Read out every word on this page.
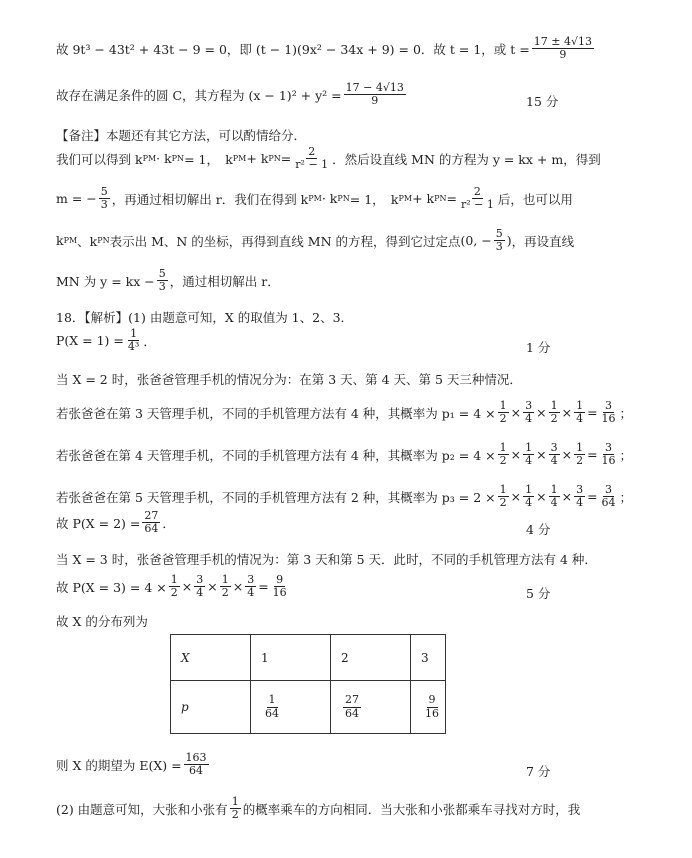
故 9t³ − 43t² + 43t − 9 = 0，即 (t − 1)(9x² − 34x + 9) = 0．故 t = 1，或 $t = \frac{17 \pm 4√13}{9}$
故存在满足条件的圆 C，其方程为 $(x - 1)^2 + y^2 = \frac{17 - 4√13}{9}$	15 分
【备注】本题还有其它方法，可以酌情给分．
我们可以得到 k PM · k PN = 1，　k PM + k PN = $\frac{2}{\text{r² − 1}}$ ．然后设直线 MN 的方程为 y = kx + m，得到
m = − $\frac{5}{3}$ ，再通过相切解出 r．我们在得到 k PM · k PN = 1，　k PM + k PN = $\frac{2}{\text{r² − 1}}$ 后，也可以用
k PM 、k PN 表示出 M、N 的坐标，再得到直线 MN 的方程，得到它过定点 (0, − $\frac{5}{3}$ ) ，再设直线
MN 为 y = kx − $\frac{5}{3}$ ，通过相切解出 r．
18．【解析】(1) 由题意可知，X 的取值为 1、2、3．
$P(X = 1) = \frac{1}{\text{4³}}$ ．	1 分
当 X = 2 时，张爸爸管理手机的情况分为：在第 3 天、第 4 天、第 5 天三种情况．
若张爸爸在第 3 天管理手机，不同的手机管理方法有 4 种，其概率为 $p_1 = 4 \times \frac{1}{2} \times \frac{3}{4} \times \frac{1}{2} \times \frac{1}{4} = \frac{3}{16}$ ；
若张爸爸在第 4 天管理手机，不同的手机管理方法有 4 种，其概率为 $p_2 = 4 \times \frac{1}{2} \times \frac{1}{4} \times \frac{3}{4} \times \frac{1}{2} = \frac{3}{16}$ ；
若张爸爸在第 5 天管理手机，不同的手机管理方法有 2 种，其概率为 $p_3 = 2 \times \frac{1}{2} \times \frac{1}{4} \times \frac{1}{4} \times \frac{3}{4} = \frac{3}{64}$ ；
故 $P(X = 2) = \frac{27}{64}$ ．	4 分
当 X = 3 时，张爸爸管理手机的情况为：第 3 天和第 5 天．此时，不同的手机管理方法有 4 种．
故 $P(X = 3) = 4 \times \frac{1}{2} \times \frac{3}{4} \times \frac{1}{2} \times \frac{3}{4} = \frac{9}{16}$	5 分
故 X 的分布列为
X	1	2	3
p	$\frac{1}{64}$	$\frac{27}{64}$	$\frac{9}{16}$
则 X 的期望为 $E(X) = \frac{163}{64}$	7 分
(2) 由题意可知，大张和小张有 $\frac{1}{2}$ 的概率乘车的方向相同．当大张和小张都乘车寻找对方时，我
